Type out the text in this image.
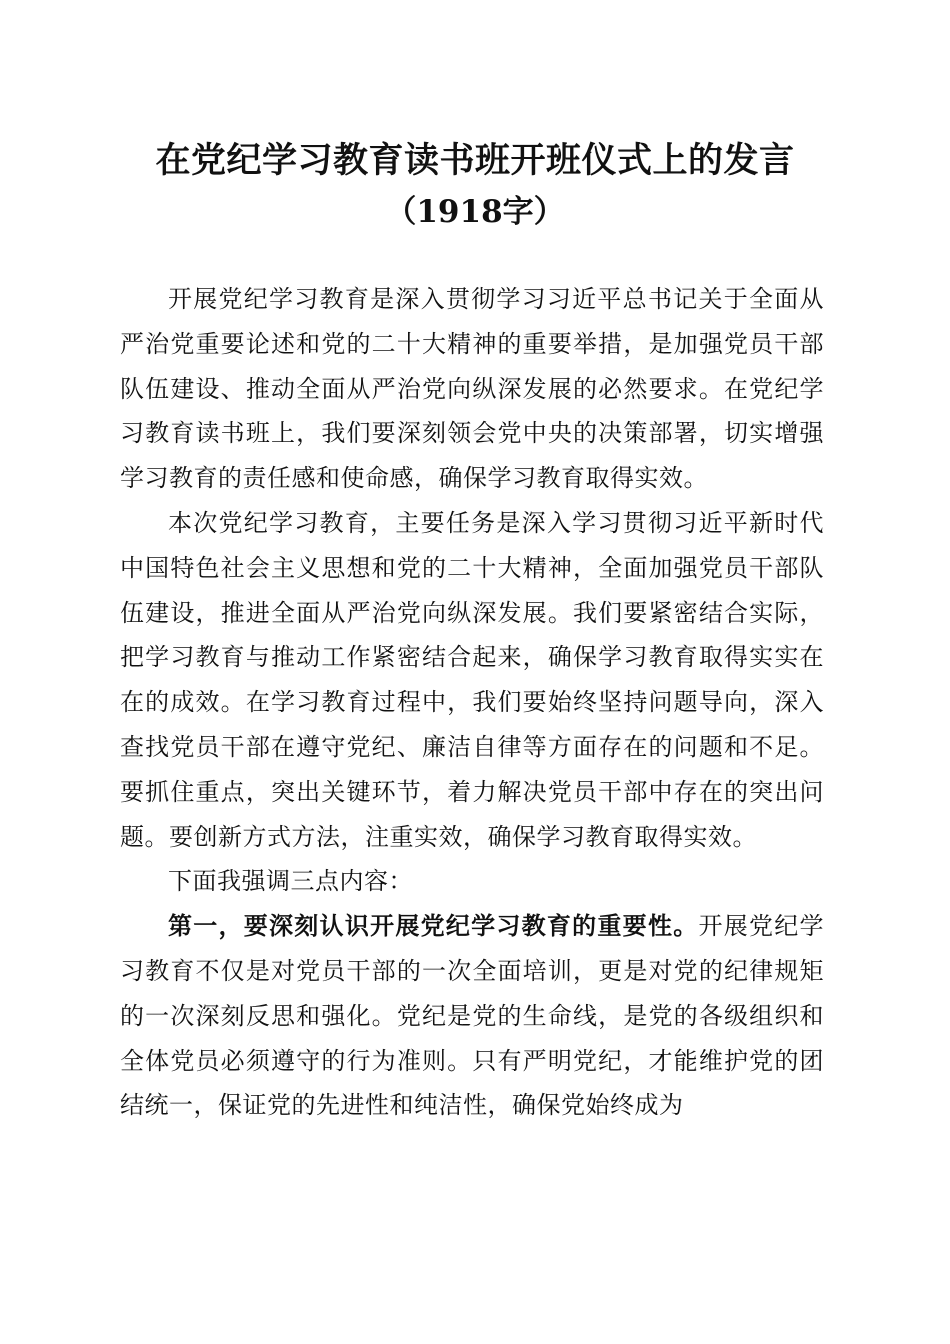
在党纪学习教育读书班开班仪式上的发言
（1918字）

开展党纪学习教育是深入贯彻学习习近平总书记关于全面从严治党重要论述和党的二十大精神的重要举措，是加强党员干部队伍建设、推动全面从严治党向纵深发展的必然要求。在党纪学习教育读书班上，我们要深刻领会党中央的决策部署，切实增强学习教育的责任感和使命感，确保学习教育取得实效。

本次党纪学习教育，主要任务是深入学习贯彻习近平新时代中国特色社会主义思想和党的二十大精神，全面加强党员干部队伍建设，推进全面从严治党向纵深发展。我们要紧密结合实际，把学习教育与推动工作紧密结合起来，确保学习教育取得实实在在的成效。在学习教育过程中，我们要始终坚持问题导向，深入查找党员干部在遵守党纪、廉洁自律等方面存在的问题和不足。要抓住重点，突出关键环节，着力解决党员干部中存在的突出问题。要创新方式方法，注重实效，确保学习教育取得实效。

下面我强调三点内容：

第一，要深刻认识开展党纪学习教育的重要性。开展党纪学习教育不仅是对党员干部的一次全面培训，更是对党的纪律规矩的一次深刻反思和强化。党纪是党的生命线，是党的各级组织和全体党员必须遵守的行为准则。只有严明党纪，才能维护党的团结统一，保证党的先进性和纯洁性，确保党始终成为
